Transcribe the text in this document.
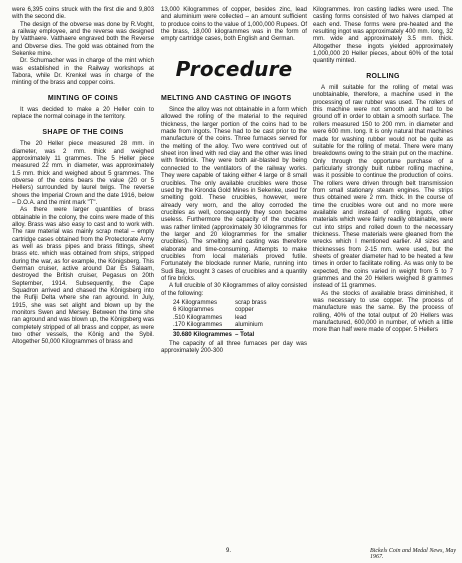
were 6,395 coins struck with the first die and 9,803 with the second die.

The design of the obverse was done by R.Voght, a railway employee, and the reverse was designed by Vatthaere. Vatthaere engraved both the Reverse and Obverse dies. The gold was obtained from the Sekenke mine.

Dr. Schumacher was in charge of the mint which was established in the Railway workshops at Tabora, while Dr. Krenkel was in charge of the minting of the brass and copper coins.

MINTING OF COINS

It was decided to make a 20 Heller coin to replace the normal coinage in the territory.

SHAPE OF THE COINS

The 20 Heller piece measured 28 mm. in diameter, was 2 mm. thick and weighed approximately 11 grammes. The 5 Heller piece measured 22 mm. in diameter, was approximately 1.5 mm. thick and weighed about 5 grammes. The obverse of the coins bears the value (20 or 5 Hellers) surrounded by laurel twigs. The reverse shows the Imperial Crown and the date 1916, below – D.O.A. and the mint mark "T".

As there were larger quantities of brass obtainable in the colony, the coins were made of this alloy. Brass was also easy to cast and to work with. The raw material was mainly scrap metal – empty cartridge cases obtained from the Protectorate Army as well as brass pipes and brass fittings, sheet brass etc. which was obtained from ships, stripped during the war, as for example, the Königsberg. This German cruiser, active around Dar Es Salaam, destroyed the British cruiser, Pegasus on 20th September, 1914. Subsequently, the Cape Squadron arrived and chased the Königsberg into the Rufiji Delta where she ran aground. In July, 1915, she was set alight and blown up by the monitors Swen and Mersey. Between the time she ran aground and was blown up, the Königsberg was completely stripped of all brass and copper, as were two other vessels, the König and the Sybil. Altogether 50,000 Kilogrammes of brass and

13,000 Kilogrammes of copper, besides zinc, lead and aluminium were collected – an amount sufficient to produce coins to the value of 1,000,000 Rupees. Of the brass, 18,000 kilogrammes was in the form of empty cartridge cases, both English and German.

Procedure
MELTING AND CASTING OF INGOTS

Since the alloy was not obtainable in a form which allowed the rolling of the material to the required thickness, the larger portion of the coins had to be made from ingots. These had to be cast prior to the manufacture of the coins. Three furnaces served for the melting of the alloy. Two were contrived out of sheet iron lined with red clay and the other was lined with firebrick. They were both air-blasted by being connected to the ventilators of the railway works. They were capable of taking either 4 large or 8 small crucibles. The only available crucibles were those used by the Kironda Gold Mines in Sekenke, used for smelting gold. These crucibles, however, were already very worn, and the alloy corroded the crucibles as well, consequently they soon became useless. Furthermore the capacity of the crucibles was rather limited (approximately 30 kilogrammes for the larger and 20 kilogrammes for the smaller crucibles). The smelting and casting was therefore elaborate and time-consuming. Attempts to make crucibles from local materials proved futile. Fortunately the blockade runner Marie, running into Sudi Bay, brought 3 cases of crucibles and a quantity of fire bricks.

A full crucible of 30 Kilogrammes of alloy consisted of the following:

24 Kilogrammes	scrap brass
6 Kilogrammes	copper
.510 Kilogrammes	lead
.170 Kilogrammes	aluminium
30.680 Kilogrammes – Total

The capacity of all three furnaces per day was approximately 200-300

Kilogrammes. Iron casting ladles were used. The casting forms consisted of two halves clamped at each end. These forms were pre-heated and the resulting ingot was approximately 400 mm. long, 32 mm. wide and approximately 3.5 mm. thick. Altogether these ingots yielded approximately 1,000,000 20 Heller pieces, about 60% of the total quantity minted.

ROLLING

A mill suitable for the rolling of metal was unobtainable, therefore, a machine used in the processing of raw rubber was used. The rollers of this machine were not smooth and had to be ground off in order to obtain a smooth surface. The rollers measured 150 to 200 mm. in diameter and were 600 mm. long. It is only natural that machines made for washing rubber would not be quite as suitable for the rolling of metal. There were many breakdowns owing to the strain put on the machine. Only through the opportune purchase of a particularly strongly built rubber rolling machine, was it possible to continue the production of coins. The rollers were driven through belt transmission from small stationary steam engines. The strips thus obtained were 2 mm. thick. In the course of time the crucibles wore out and no more were available and instead of rolling ingots, other materials which were fairly readily obtainable, were cut into strips and rolled down to the necessary thickness. These materials were gleaned from the wrecks which I mentioned earlier. All sizes and thicknesses from 2-15 mm. were used, but the sheets of greater diameter had to be heated a few times in order to facilitate rolling. As was only to be expected, the coins varied in weight from 5 to 7 grammes and the 20 Hellers weighed 8 grammes instead of 11 grammes.

As the stocks of available brass diminished, it was necessary to use copper. The process of manufacture was the same. By the process of rolling, 40% of the total output of 20 Hellers was manufactured, 600,000 in number, of which a little more than half were made of copper. 5 Hellers

9.	Bickels Coin and Medal News, May 1967.
